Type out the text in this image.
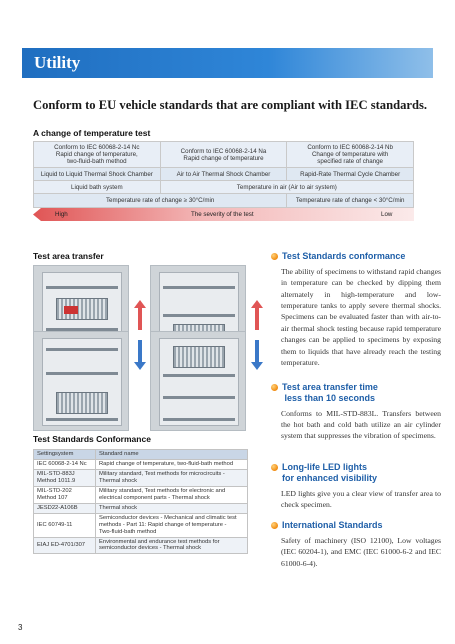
Utility
Conform to EU vehicle standards that are compliant with IEC standards.
A change of temperature test
Conform to IEC 60068-2-14 Nc
Rapid change of temperature,
two-fluid-bath method	Conform to IEC 60068-2-14 Na
Rapid change of temperature	Conform to IEC 60068-2-14 Nb
Change of temperature with
specified rate of change
Liquid to Liquid Thermal Shock Chamber	Air to Air Thermal Shock Chamber	Rapid-Rate Thermal Cycle Chamber
Liquid bath system	Temperature in air (Air to air system)	
Temperature rate of change ≥ 30°C/min		Temperature rate of change < 30°C/min
High	The severity of the test	Low
Test area transfer
Test Standards Conformance
Settingsystem	Standard name
IEC 60068-2-14 Nc	Rapid change of temperature, two-fluid-bath method
MIL-STD-883J
Method 1011.9	Military standard, Test methods for microcircuits -
Thermal shock
MIL-STD-202
Method 107	Military standard, Test methods for electronic and
electrical component parts - Thermal shock
JESD22-A106B	Thermal shock
IEC 60749-11	Semiconductor devices - Mechanical and climatic test
methods - Part 11: Rapid change of temperature -
Two-fluid-bath method
EIAJ ED-4701/307	Environmental and endurance test methods for
semiconductor devices - Thermal shock
Test Standards conformance
The ability of specimens to withstand rapid changes in temperature can be checked by dipping them alternately in high-temperature and low-temperature tanks to apply severe thermal shocks. Specimens can be evaluated faster than with air-to-air thermal shock testing because rapid temperature changes can be applied to specimens by exposing them to liquids that have already reach the testing temperature.
Test area transfer time
less than 10 seconds
Conforms to MIL-STD-883L. Transfers between the hot bath and cold bath utilize an air cylinder system that suppresses the vibration of specimens.
Long-life LED lights
for enhanced visibility
LED lights give you a clear view of transfer area to check specimen.
International Standards
Safety of machinery (ISO 12100), Low voltages (IEC 60204-1), and EMC (IEC 61000-6-2 and IEC 61000-6-4).
3
